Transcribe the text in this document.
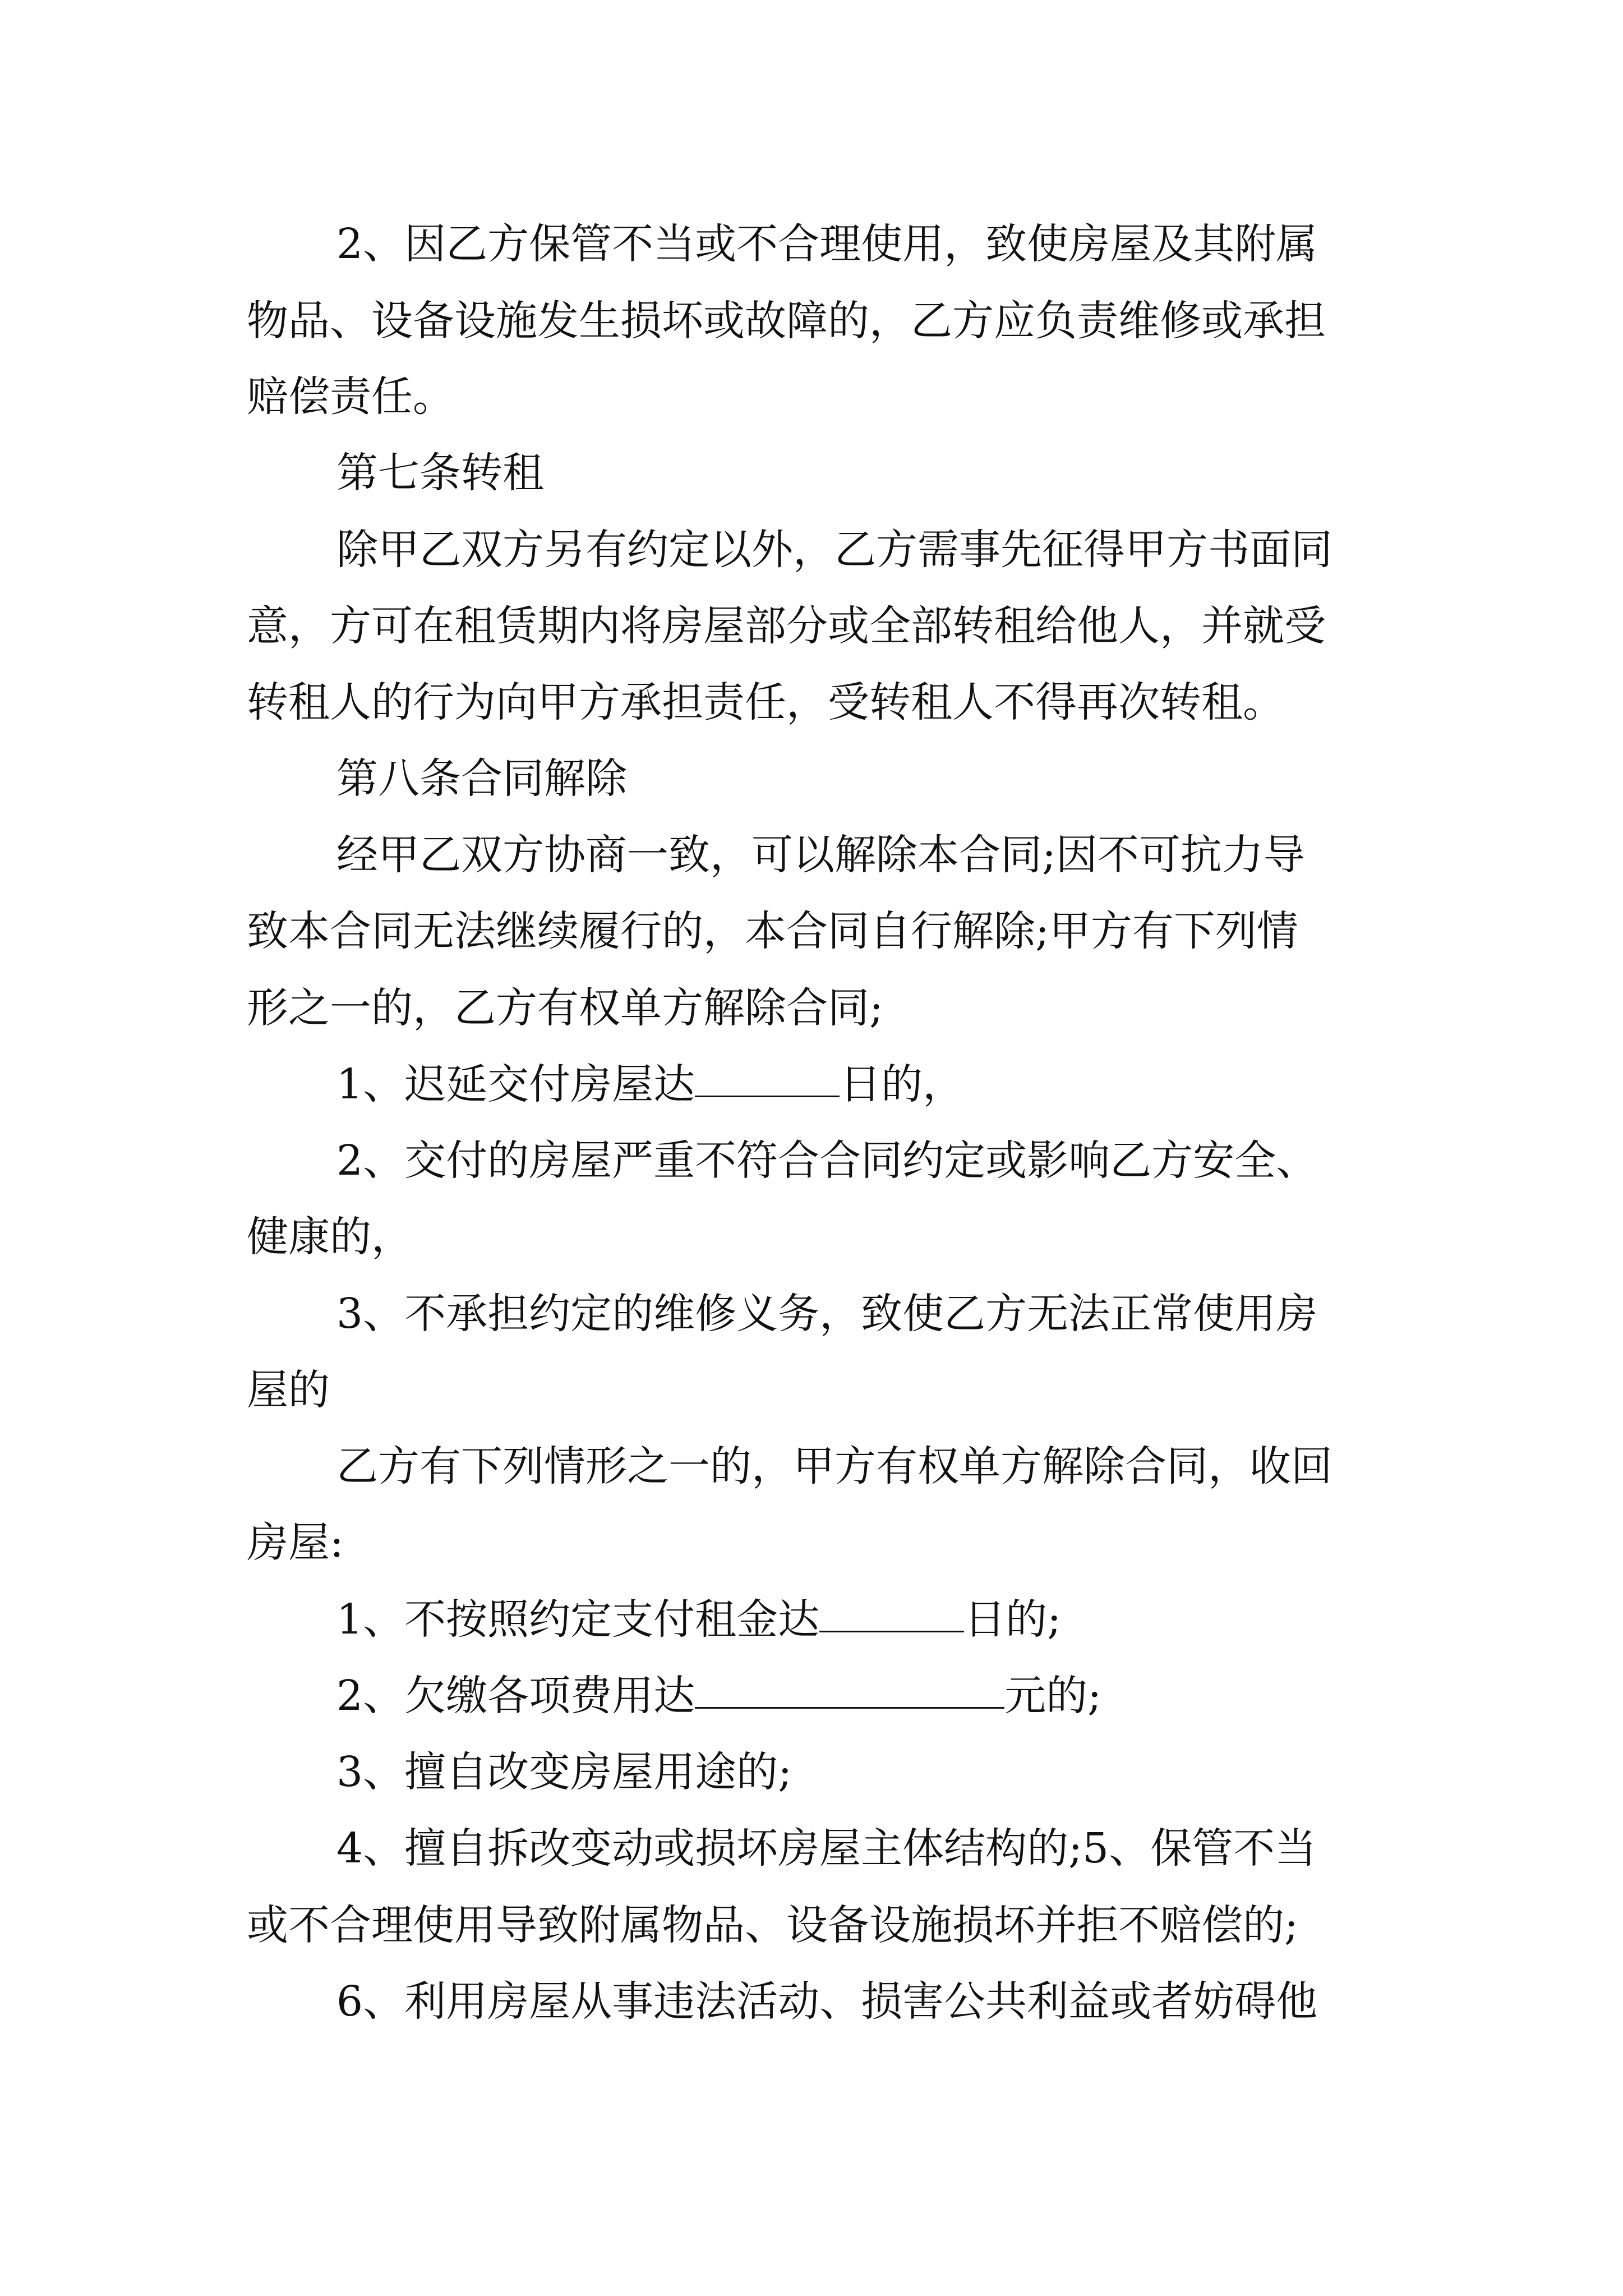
2、因乙方保管不当或不合理使用，致使房屋及其附属
物品、设备设施发生损坏或故障的，乙方应负责维修或承担
赔偿责任。
第七条转租
除甲乙双方另有约定以外，乙方需事先征得甲方书面同
意，方可在租赁期内将房屋部分或全部转租给他人，并就受
转租人的行为向甲方承担责任，受转租人不得再次转租。
第八条合同解除
经甲乙双方协商一致，可以解除本合同;因不可抗力导
致本合同无法继续履行的，本合同自行解除;甲方有下列情
形之一的，乙方有权单方解除合同;
1、迟延交付房屋达	日的，
2、交付的房屋严重不符合合同约定或影响乙方安全、
健康的，
3、不承担约定的维修义务，致使乙方无法正常使用房
屋的
乙方有下列情形之一的，甲方有权单方解除合同，收回
房屋:
1、不按照约定支付租金达	日的;
2、欠缴各项费用达	元的;
3、擅自改变房屋用途的;
4、擅自拆改变动或损坏房屋主体结构的;5、保管不当
或不合理使用导致附属物品、设备设施损坏并拒不赔偿的;
6、利用房屋从事违法活动、损害公共利益或者妨碍他
